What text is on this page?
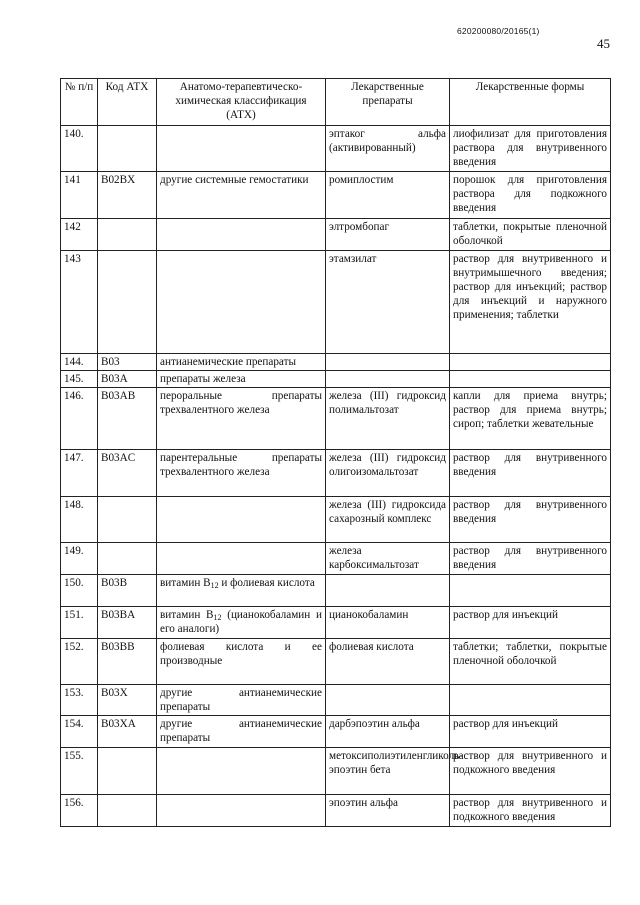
620200080/20165(1)
45
№ п/п	Код АТХ	Анатомо-терапевтическо-химическая классификация (АТХ)	Лекарственные препараты	Лекарственные формы
140.			эптаког альфа (активированный)	лиофилизат для приготовления раствора для внутривенного введения
141	B02BX	другие системные гемостатики	ромиплостим	порошок для приготовления раствора для подкожного введения
142			элтромбопаг	таблетки, покрытые пленочной оболочкой
143			этамзилат	раствор для внутривенного и внутримышечного введения; раствор для инъекций; раствор для инъекций и наружного применения; таблетки
144.	B03	антианемические препараты		
145.	B03A	препараты железа		
146.	B03AB	пероральные препараты трехвалентного железа	железа (III) гидроксид полимальтозат	капли для приема внутрь; раствор для приема внутрь; сироп; таблетки жевательные
147.	B03AC	парентеральные препараты трехвалентного железа	железа (III) гидроксид олигоизомальтозат	раствор для внутривенного введения
148.			железа (III) гидроксида сахарозный комплекс	раствор для внутривенного введения
149.			железа карбоксимальтозат	раствор для внутривенного введения
150.	B03B	витамин $B_{12}$ и фолиевая кислота		
151.	B03BA	витамин $B_{12}$ (цианокобаламин и его аналоги)	цианокобаламин	раствор для инъекций
152.	B03BB	фолиевая кислота и ее производные	фолиевая кислота	таблетки; таблетки, покрытые пленочной оболочкой
153.	B03X	другие антианемические препараты		
154.	B03XA	другие антианемические препараты	дарбэпоэтин альфа	раствор для инъекций
155.			метоксиполиэтиленгликоль-эпоэтин бета	раствор для внутривенного и подкожного введения
156.			эпоэтин альфа	раствор для внутривенного и подкожного введения
